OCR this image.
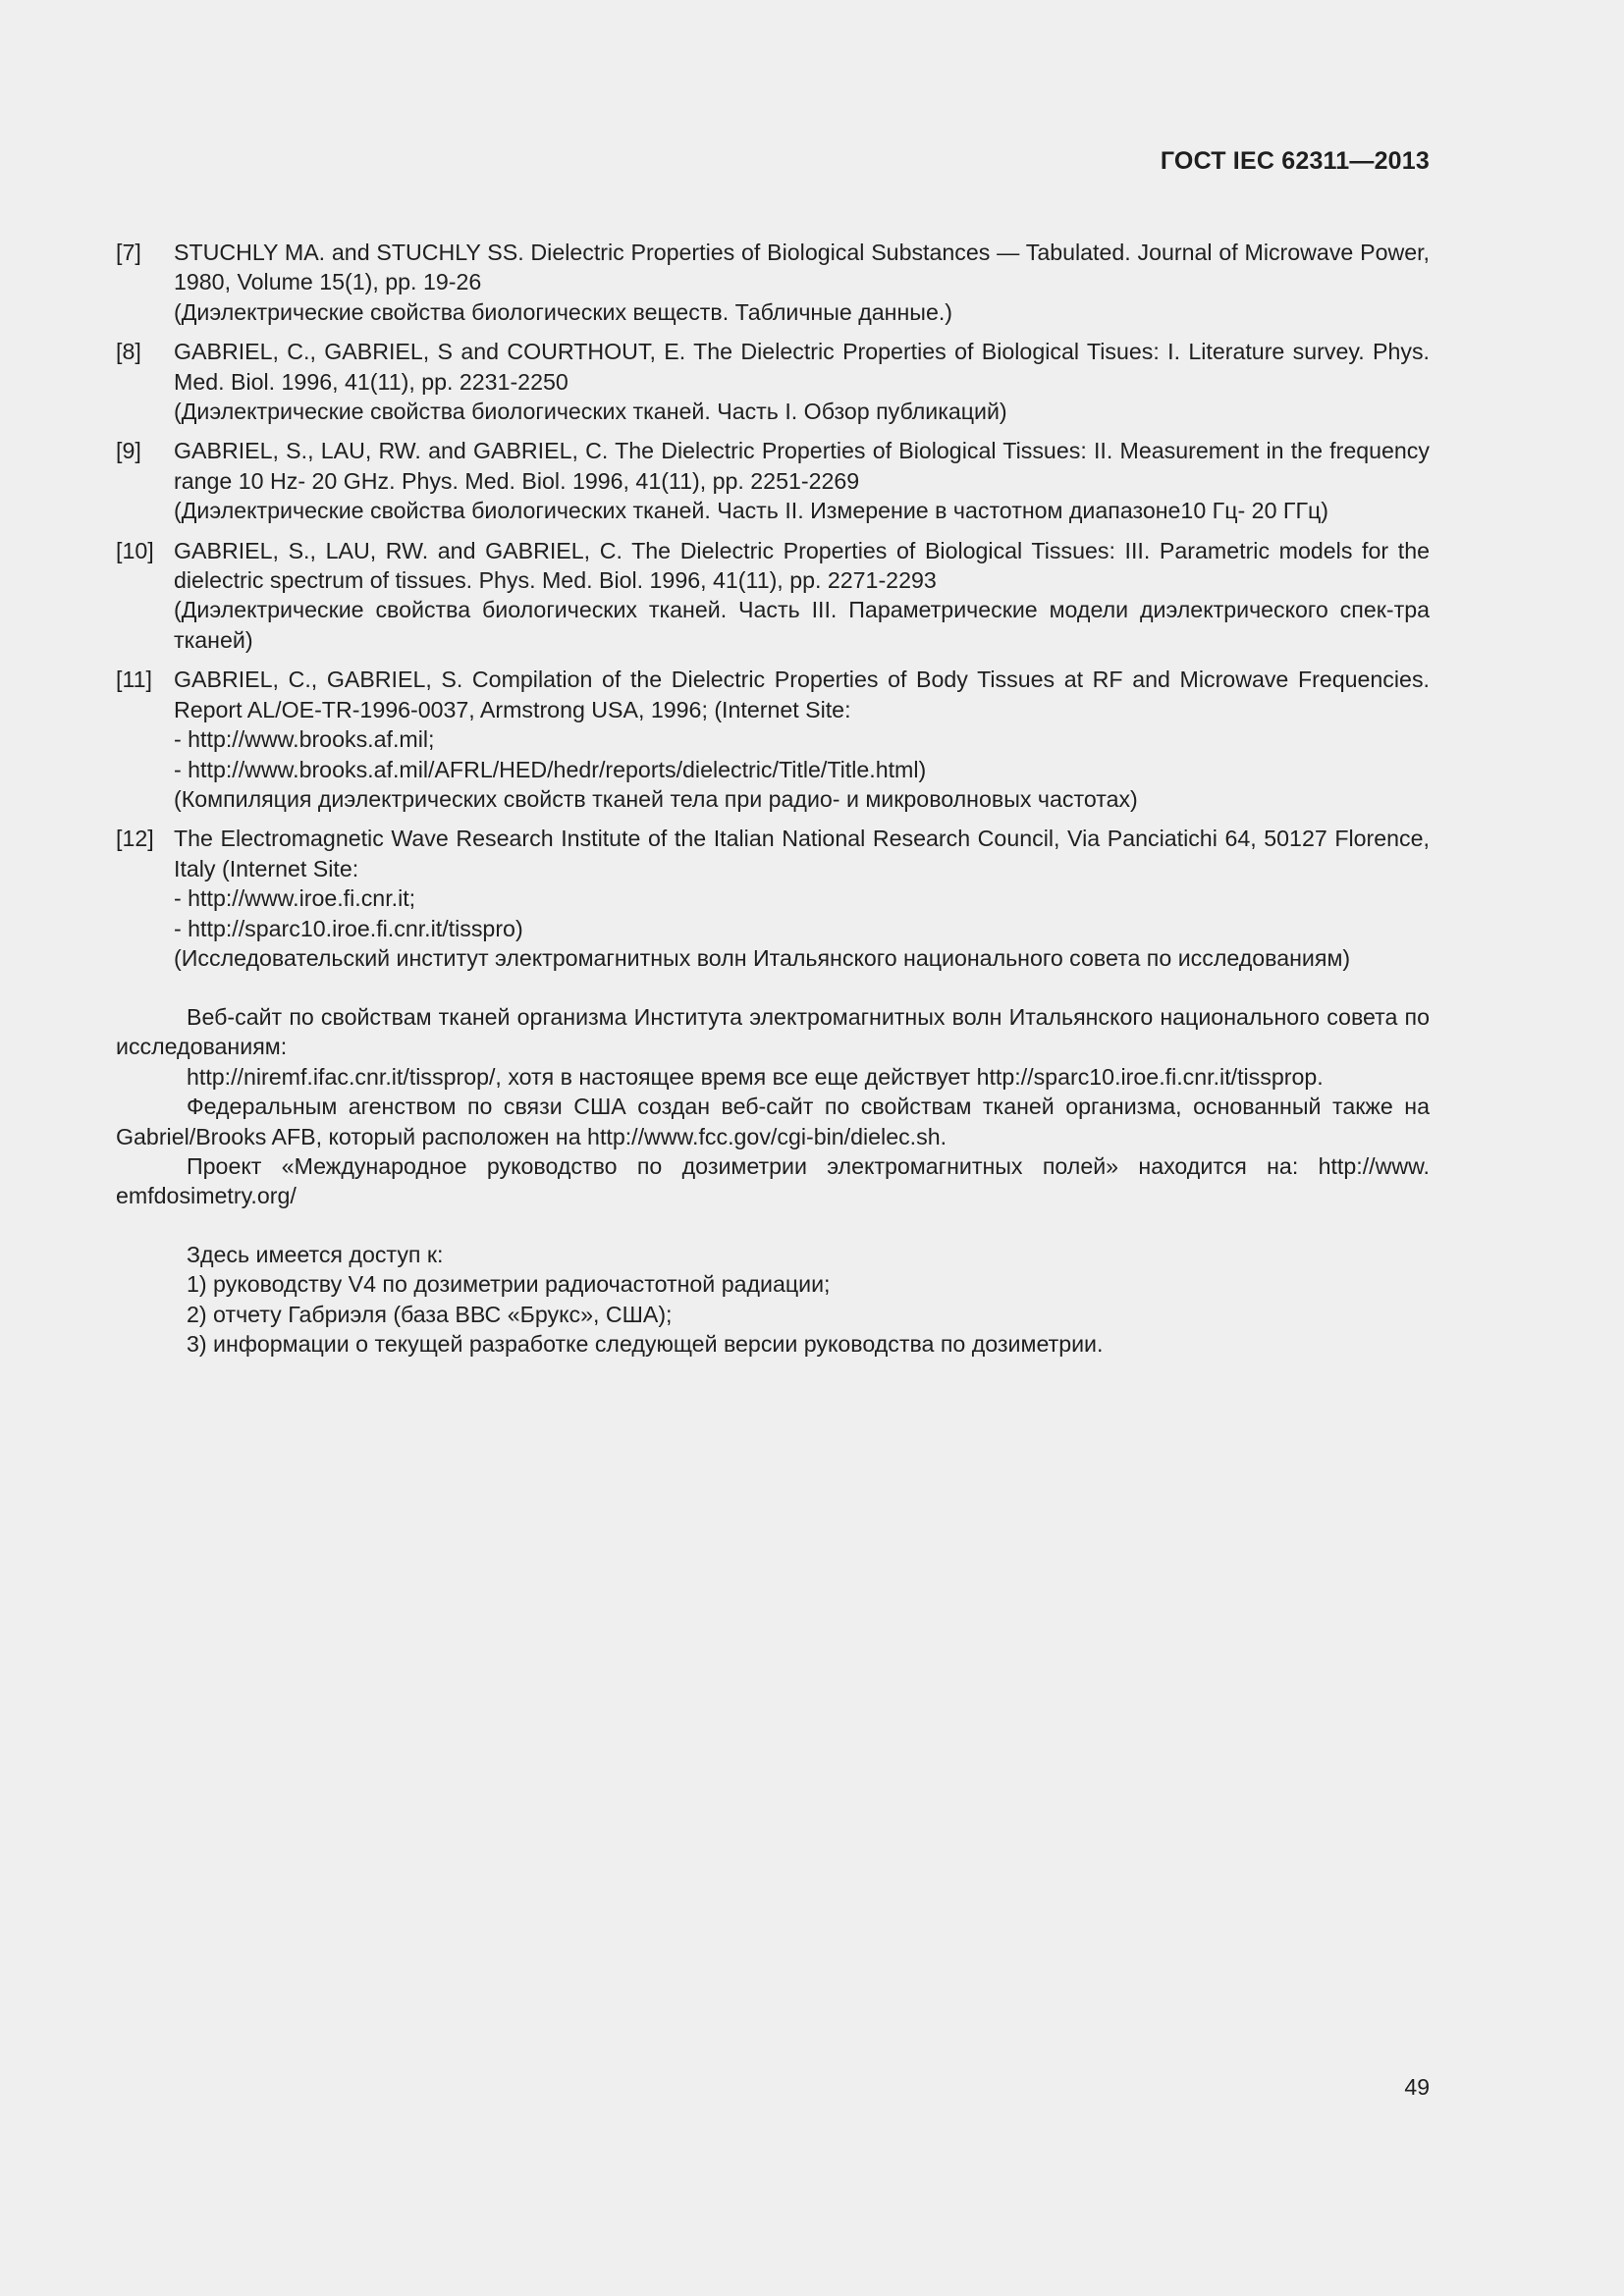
ГОСТ IEC 62311—2013
[7]	STUCHLY MA. and STUCHLY SS. Dielectric Properties of Biological Substances — Tabulated. Journal of Microwave Power, 1980, Volume 15(1), pp. 19-26
(Диэлектрические свойства биологических веществ. Табличные данные.)
[8]	GABRIEL, C., GABRIEL, S and COURTHOUT, E. The Dielectric Properties of Biological Tisues: I. Literature survey. Phys. Med. Biol. 1996, 41(11), pp. 2231-2250
(Диэлектрические свойства биологических тканей. Часть I. Обзор публикаций)
[9]	GABRIEL, S., LAU, RW. and GABRIEL, C. The Dielectric Properties of Biological Tissues: II. Measurement in the frequency range 10 Hz- 20 GHz. Phys. Med. Biol. 1996, 41(11), pp. 2251-2269
(Диэлектрические свойства биологических тканей. Часть II. Измерение в частотном диапазоне10 Гц- 20 ГГц)
[10] GABRIEL, S., LAU, RW. and GABRIEL, C. The Dielectric Properties of Biological Tissues: III. Parametric models for the dielectric spectrum of tissues. Phys. Med. Biol. 1996, 41(11), pp. 2271-2293
(Диэлектрические свойства биологических тканей. Часть III. Параметрические модели диэлектрического спек-тра тканей)
[11] GABRIEL, C., GABRIEL, S. Compilation of the Dielectric Properties of Body Tissues at RF and Microwave Frequencies. Report AL/OE-TR-1996-0037, Armstrong USA, 1996; (Internet Site:
- http://www.brooks.af.mil;
- http://www.brooks.af.mil/AFRL/HED/hedr/reports/dielectric/Title/Title.html)
(Компиляция диэлектрических свойств тканей тела при радио- и микроволновых частотах)
[12] The Electromagnetic Wave Research Institute of the Italian National Research Council, Via Panciatichi 64, 50127 Florence, Italy (Internet Site:
- http://www.iroe.fi.cnr.it;
- http://sparc10.iroe.fi.cnr.it/tisspro)
(Исследовательский институт электромагнитных волн Итальянского национального совета по исследованиям)
Веб-сайт по свойствам тканей организма Института электромагнитных волн Итальянского национального совета по исследованиям:
http://niremf.ifac.cnr.it/tissprop/, хотя в настоящее время все еще действует http://sparc10.iroe.fi.cnr.it/tissprop.
Федеральным агенством по связи США создан веб-сайт по свойствам тканей организма, основанный также на Gabriel/Brooks AFB, который расположен на http://www.fcc.gov/cgi-bin/dielec.sh.
Проект «Международное руководство по дозиметрии электромагнитных полей» находится на: http://www. emfdosimetry.org/
Здесь имеется доступ к:
1) руководству V4 по дозиметрии радиочастотной радиации;
2) отчету Габриэля (база ВВС «Брукс», США);
3) информации о текущей разработке следующей версии руководства по дозиметрии.
49
